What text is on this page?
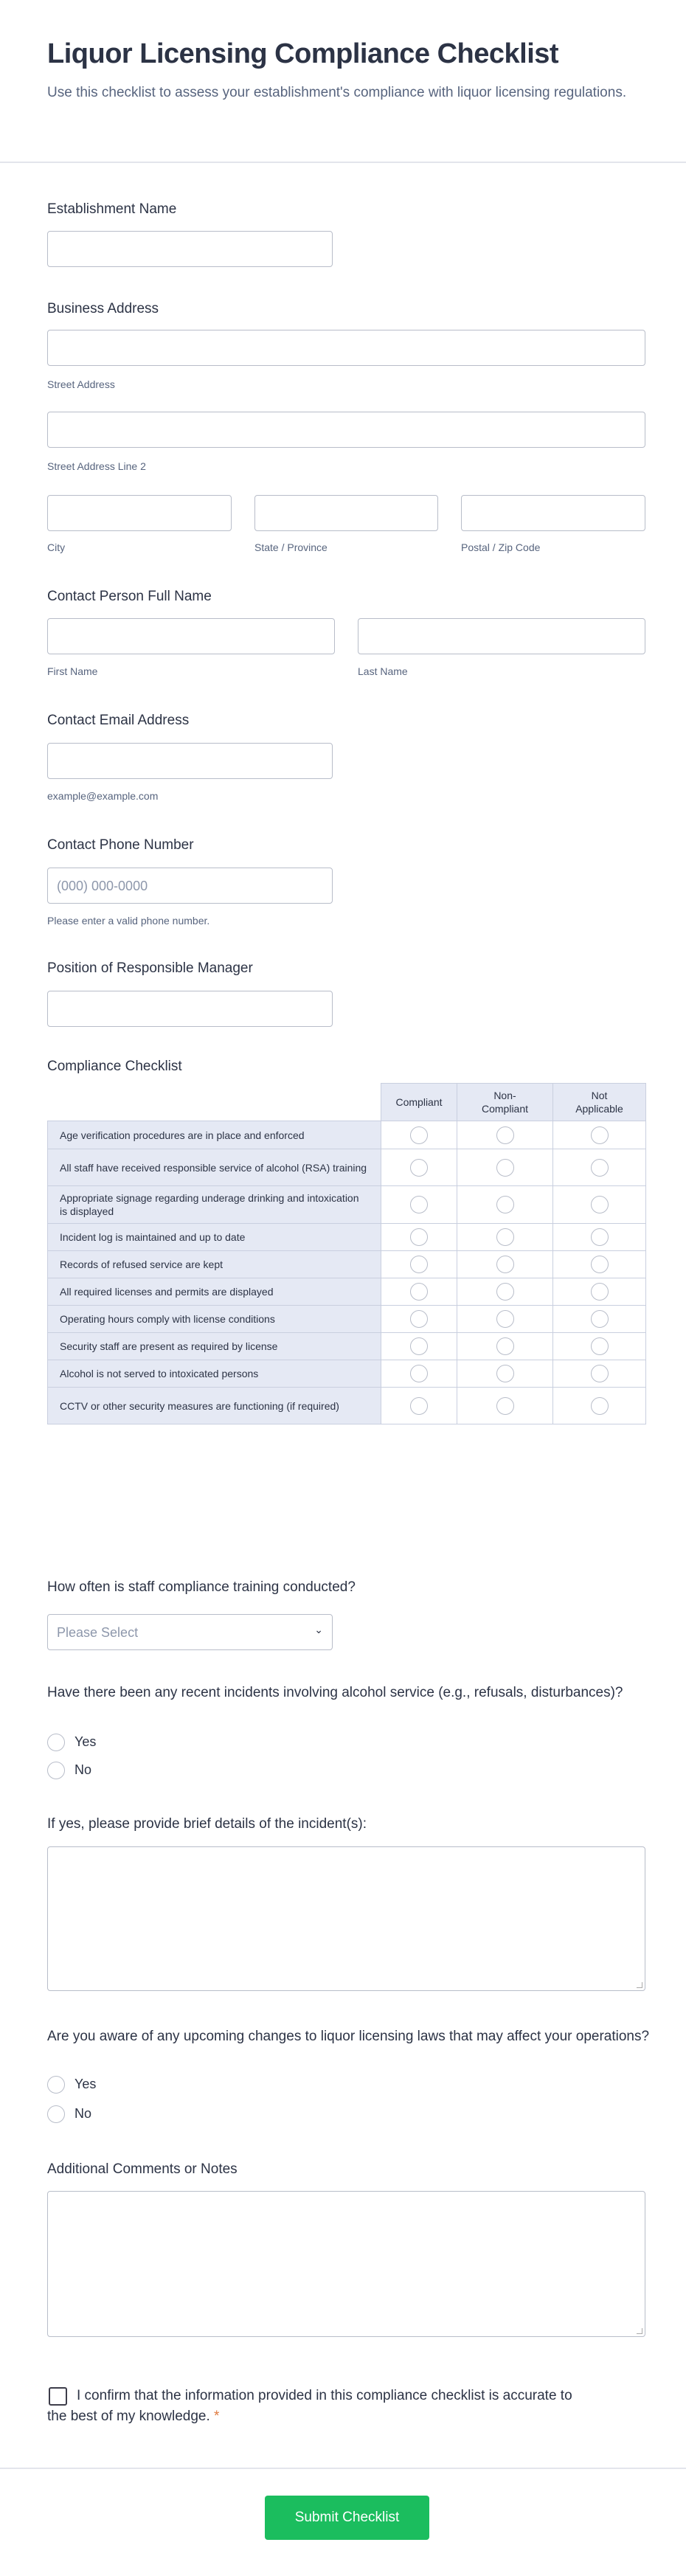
Liquor Licensing Compliance Checklist
Use this checklist to assess your establishment's compliance with liquor licensing regulations.
Establishment Name
Business Address
Street Address
Street Address Line 2
City	State / Province	Postal / Zip Code
Contact Person Full Name
First Name	Last Name
Contact Email Address
example@example.com
Contact Phone Number
(000) 000-0000
Please enter a valid phone number.
Position of Responsible Manager
Compliance Checklist
	Compliant	Non-Compliant	Not Applicable
Age verification procedures are in place and enforced			
All staff have received responsible service of alcohol (RSA) training			
Appropriate signage regarding underage drinking and intoxication is displayed			
Incident log is maintained and up to date			
Records of refused service are kept			
All required licenses and permits are displayed			
Operating hours comply with license conditions			
Security staff are present as required by license			
Alcohol is not served to intoxicated persons			
CCTV or other security measures are functioning (if required)			
How often is staff compliance training conducted?
Please Select	⌄
Have there been any recent incidents involving alcohol service (e.g., refusals, disturbances)?
Yes
No
If yes, please provide brief details of the incident(s):
Are you aware of any upcoming changes to liquor licensing laws that may affect your operations?
Yes
No
Additional Comments or Notes
I confirm that the information provided in this compliance checklist is accurate to the best of my knowledge. *
Submit Checklist
